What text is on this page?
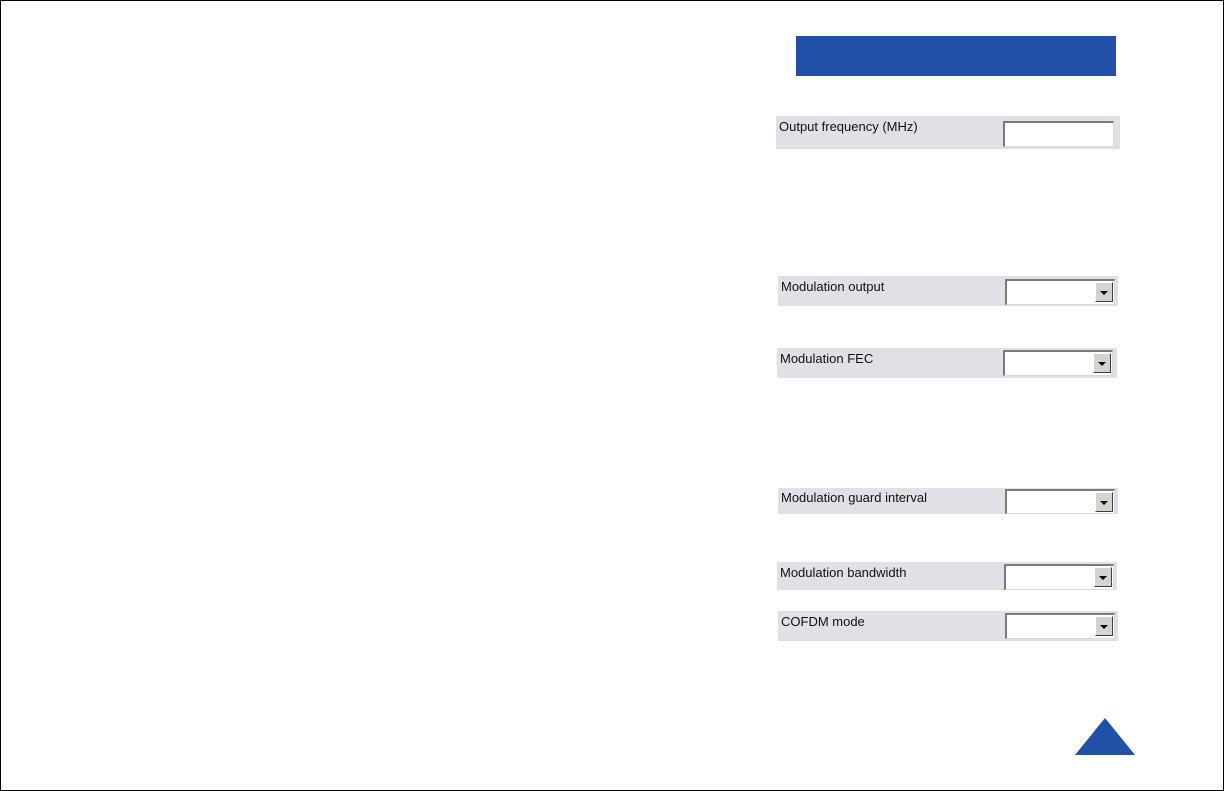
Output frequency (MHz)
Modulation output
Modulation FEC
Modulation guard interval
Modulation bandwidth
COFDM mode
